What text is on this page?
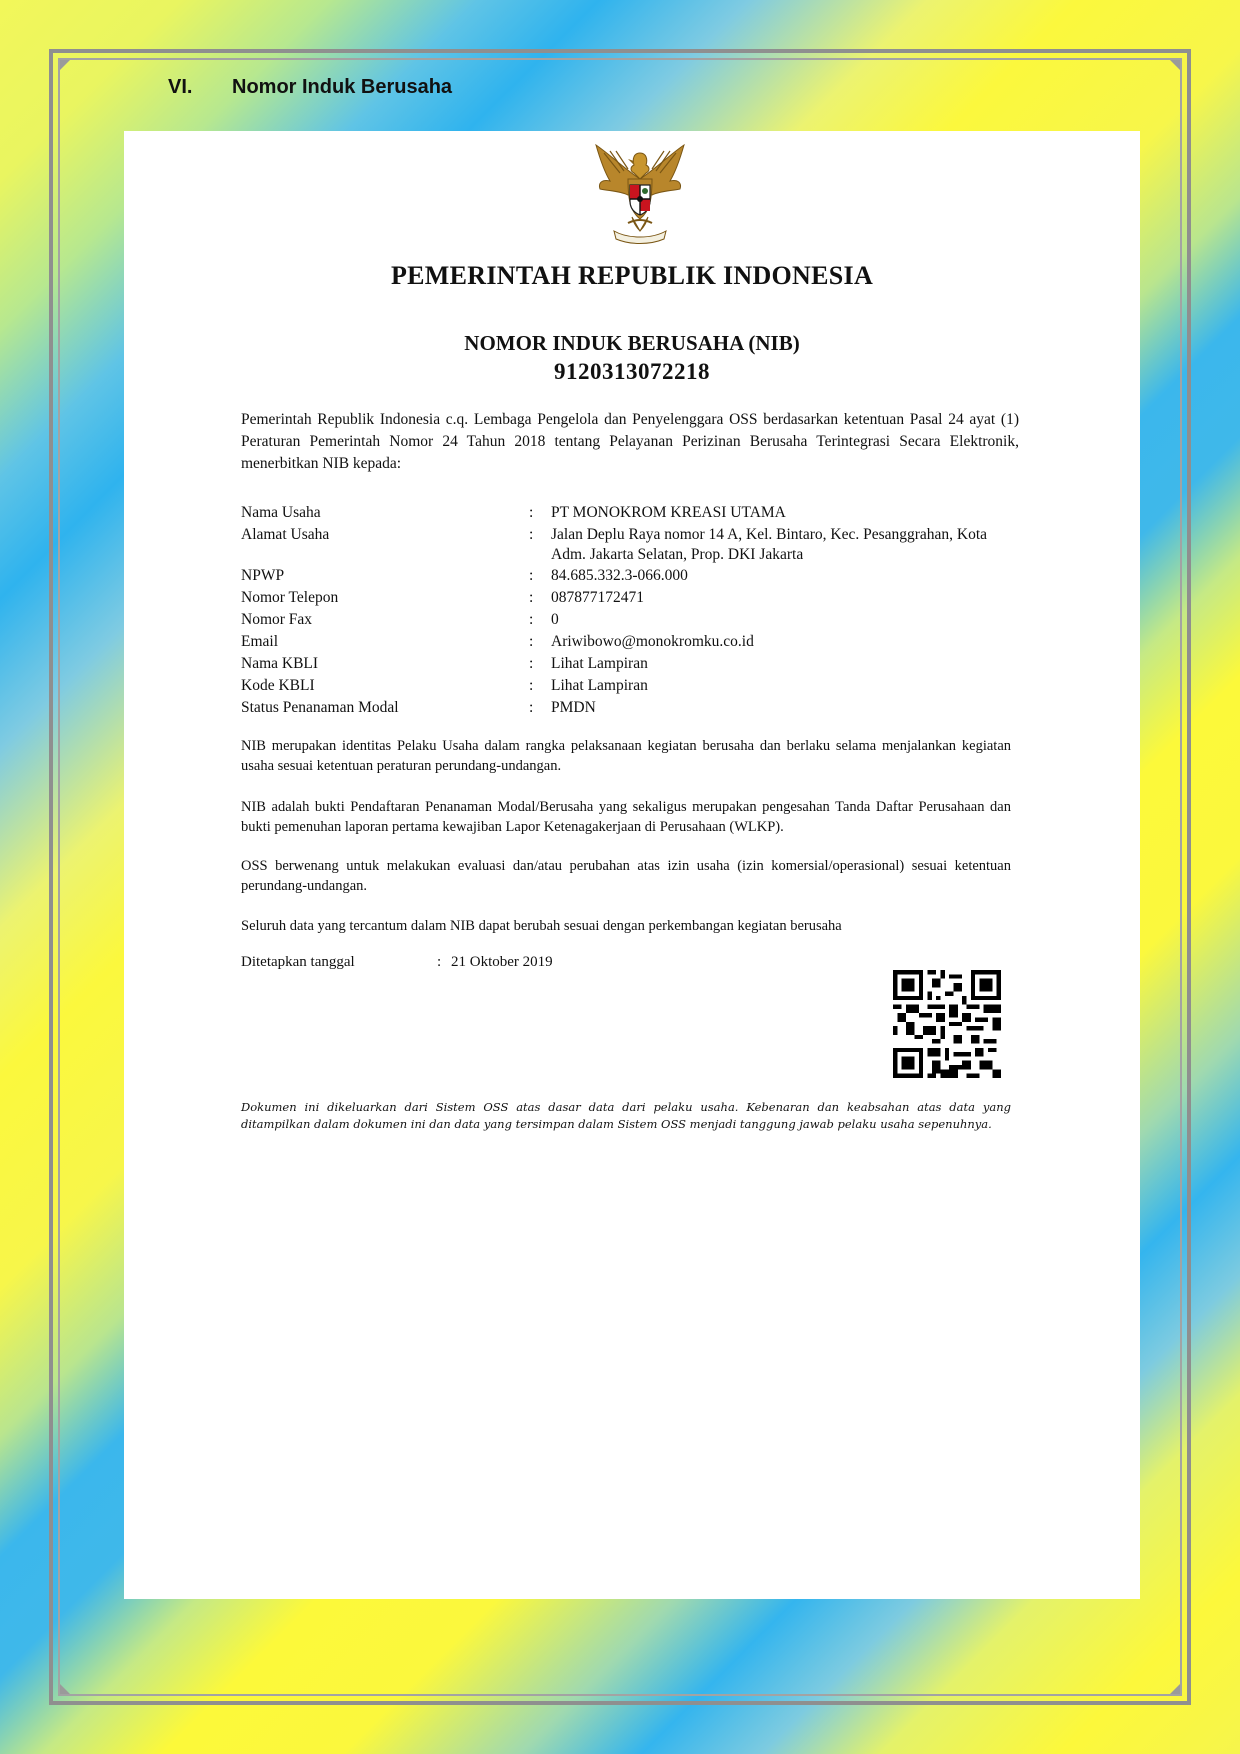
VI. Nomor Induk Berusaha
PEMERINTAH REPUBLIK INDONESIA
NOMOR INDUK BERUSAHA (NIB)
9120313072218
Pemerintah Republik Indonesia c.q. Lembaga Pengelola dan Penyelenggara OSS berdasarkan ketentuan Pasal 24 ayat (1) Peraturan Pemerintah Nomor 24 Tahun 2018 tentang Pelayanan Perizinan Berusaha Terintegrasi Secara Elektronik, menerbitkan NIB kepada:
Nama Usaha	:	PT MONOKROM KREASI UTAMA
Alamat Usaha	:	Jalan Deplu Raya nomor 14 A, Kel. Bintaro, Kec. Pesanggrahan, Kota Adm. Jakarta Selatan, Prop. DKI Jakarta
NPWP	:	84.685.332.3-066.000
Nomor Telepon	:	087877172471
Nomor Fax	:	0
Email	:	Ariwibowo@monokromku.co.id
Nama KBLI	:	Lihat Lampiran
Kode KBLI	:	Lihat Lampiran
Status Penanaman Modal	:	PMDN
NIB merupakan identitas Pelaku Usaha dalam rangka pelaksanaan kegiatan berusaha dan berlaku selama menjalankan kegiatan usaha sesuai ketentuan peraturan perundang-undangan.
NIB adalah bukti Pendaftaran Penanaman Modal/Berusaha yang sekaligus merupakan pengesahan Tanda Daftar Perusahaan dan bukti pemenuhan laporan pertama kewajiban Lapor Ketenagakerjaan di Perusahaan (WLKP).
OSS berwenang untuk melakukan evaluasi dan/atau perubahan atas izin usaha (izin komersial/operasional) sesuai ketentuan perundang-undangan.
Seluruh data yang tercantum dalam NIB dapat berubah sesuai dengan perkembangan kegiatan berusaha
Ditetapkan tanggal	: 21 Oktober 2019
Dokumen ini dikeluarkan dari Sistem OSS atas dasar data dari pelaku usaha. Kebenaran dan keabsahan atas data yang ditampilkan dalam dokumen ini dan data yang tersimpan dalam Sistem OSS menjadi tanggung jawab pelaku usaha sepenuhnya.
